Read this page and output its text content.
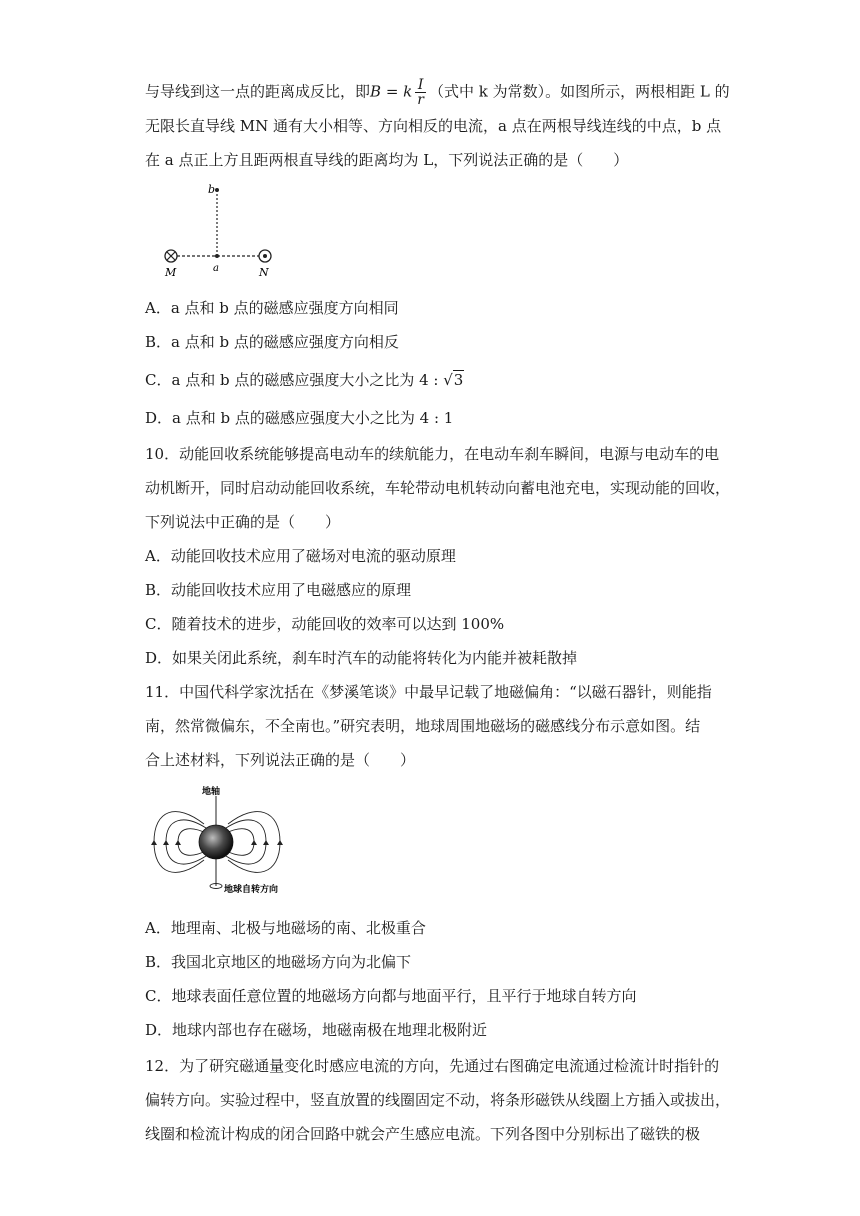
与导线到这一点的距离成反比，即B = k $\frac{I}{r}$ （式中 k 为常数）。如图所示，两根相距 L 的
无限长直导线 MN 通有大小相等、方向相反的电流，a 点在两根导线连线的中点，b 点
在 a 点正上方且距两根直导线的距离均为 L，下列说法正确的是（　　）
b
a
M	N
A．a 点和 b 点的磁感应强度方向相同
B．a 点和 b 点的磁感应强度方向相反
C．a 点和 b 点的磁感应强度大小之比为 4 : √3
D．a 点和 b 点的磁感应强度大小之比为 4 : 1
10．动能回收系统能够提高电动车的续航能力，在电动车刹车瞬间，电源与电动车的电
动机断开，同时启动动能回收系统，车轮带动电机转动向蓄电池充电，实现动能的回收，
下列说法中正确的是（　　）
A．动能回收技术应用了磁场对电流的驱动原理
B．动能回收技术应用了电磁感应的原理
C．随着技术的进步，动能回收的效率可以达到 100%
D．如果关闭此系统，刹车时汽车的动能将转化为内能并被耗散掉
11．中国代科学家沈括在《梦溪笔谈》中最早记载了地磁偏角：“以磁石器针，则能指
南，然常微偏东，不全南也。”研究表明，地球周围地磁场的磁感线分布示意如图。结
合上述材料，下列说法正确的是（　　）
地轴
地球自转方向
A．地理南、北极与地磁场的南、北极重合
B．我国北京地区的地磁场方向为北偏下
C．地球表面任意位置的地磁场方向都与地面平行，且平行于地球自转方向
D．地球内部也存在磁场，地磁南极在地理北极附近
12．为了研究磁通量变化时感应电流的方向，先通过右图确定电流通过检流计时指针的
偏转方向。实验过程中，竖直放置的线圈固定不动，将条形磁铁从线圈上方插入或拔出，
线圈和检流计构成的闭合回路中就会产生感应电流。下列各图中分别标出了磁铁的极
